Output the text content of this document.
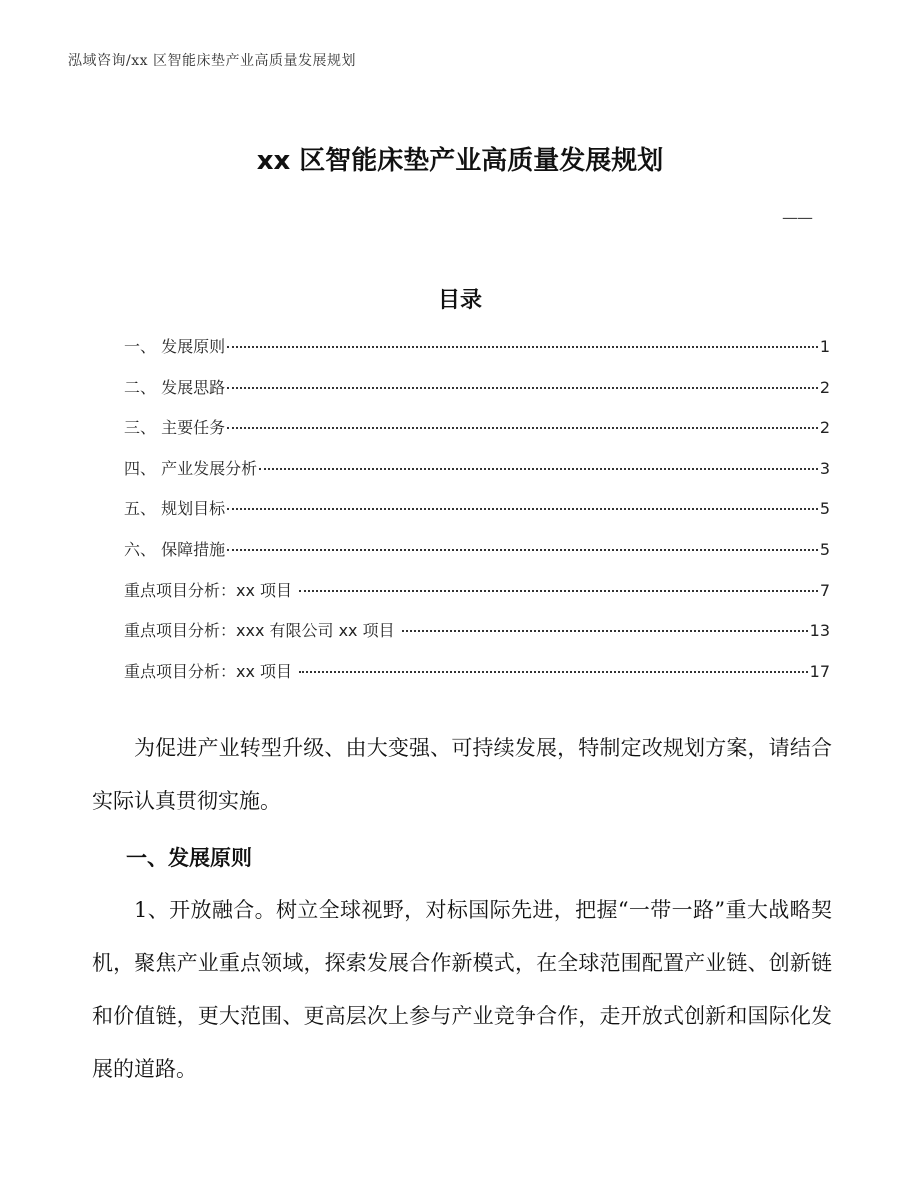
泓域咨询/xx 区智能床垫产业高质量发展规划
xx 区智能床垫产业高质量发展规划
——
目录
一、 发展原则	1
二、 发展思路	2
三、 主要任务	2
四、 产业发展分析	3
五、 规划目标	5
六、 保障措施	5
重点项目分析：xx 项目	7
重点项目分析：xxx 有限公司 xx 项目	13
重点项目分析：xx 项目	17
为促进产业转型升级、由大变强、可持续发展，特制定改规划方案，请结合实际认真贯彻实施。
一、发展原则
1、开放融合。树立全球视野，对标国际先进，把握“一带一路”重大战略契机，聚焦产业重点领域，探索发展合作新模式，在全球范围配置产业链、创新链和价值链，更大范围、更高层次上参与产业竞争合作，走开放式创新和国际化发展的道路。
